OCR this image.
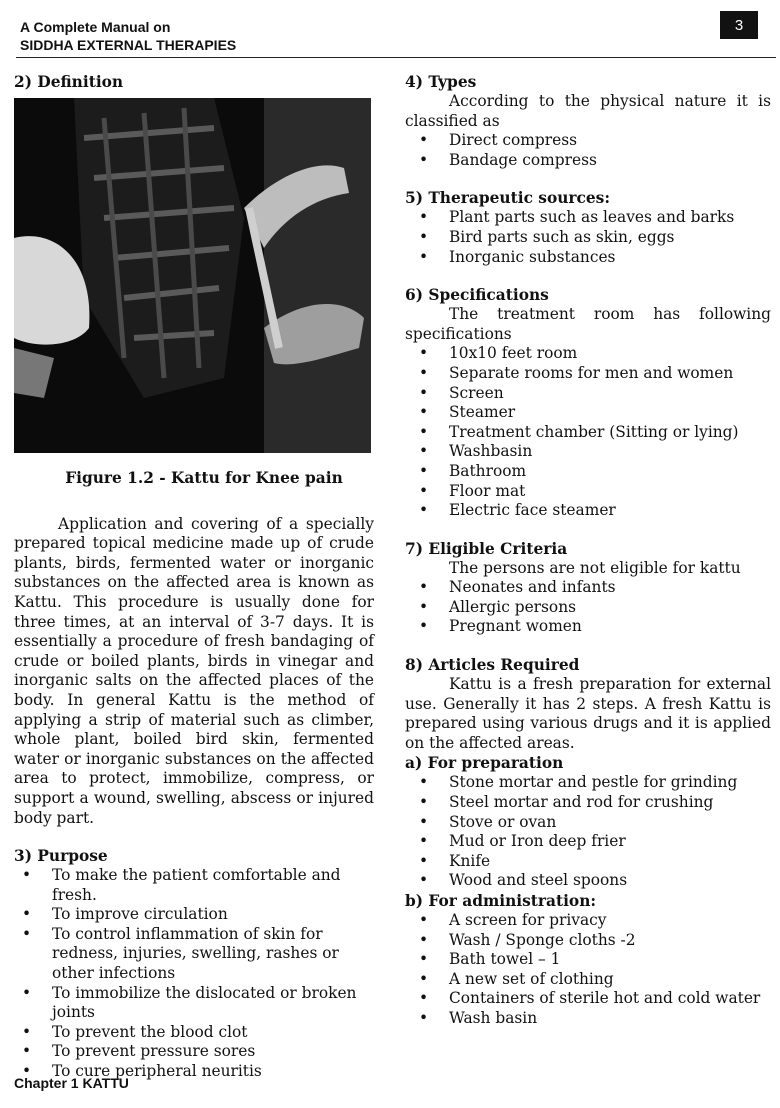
A Complete Manual on
SIDDHA EXTERNAL THERAPIES
3
2) Definition
Figure 1.2 - Kattu for Knee pain

Application and covering of a specially prepared topical medicine made up of crude plants, birds, fermented water or inorganic substances on the affected area is known as Kattu. This procedure is usually done for three times, at an interval of 3-7 days. It is essentially a procedure of fresh bandaging of crude or boiled plants, birds in vinegar and inorganic salts on the affected places of the body. In general Kattu is the method of applying a strip of material such as climber, whole plant, boiled bird skin, fermented water or inorganic substances on the affected area to protect, immobilize, compress, or support a wound, swelling, abscess or injured body part.

3) Purpose
• To make the patient comfortable and fresh.
• To improve circulation
• To control inflammation of skin for redness, injuries, swelling, rashes or other infections
• To immobilize the dislocated or broken joints
• To prevent the blood clot
• To prevent pressure sores
• To cure peripheral neuritis
4) Types

According to the physical nature it is classified as

• Direct compress
• Bandage compress
5) Therapeutic sources:
• Plant parts such as leaves and barks
• Bird parts such as skin, eggs
• Inorganic substances
6) Specifications

The treatment room has following specifications

• 10x10 feet room
• Separate rooms for men and women
• Screen
• Steamer
• Treatment chamber (Sitting or lying)
• Washbasin
• Bathroom
• Floor mat
• Electric face steamer
7) Eligible Criteria

The persons are not eligible for kattu

• Neonates and infants
• Allergic persons
• Pregnant women
8) Articles Required

Kattu is a fresh preparation for external use. Generally it has 2 steps. A fresh Kattu is prepared using various drugs and it is applied on the affected areas.

a) For preparation
• Stone mortar and pestle for grinding
• Steel mortar and rod for crushing
• Stove or ovan
• Mud or Iron deep frier
• Knife
• Wood and steel spoons
b) For administration:
• A screen for privacy
• Wash / Sponge cloths -2
• Bath towel – 1
• A new set of clothing
• Containers of sterile hot and cold water
• Wash basin
Chapter 1 KATTU
